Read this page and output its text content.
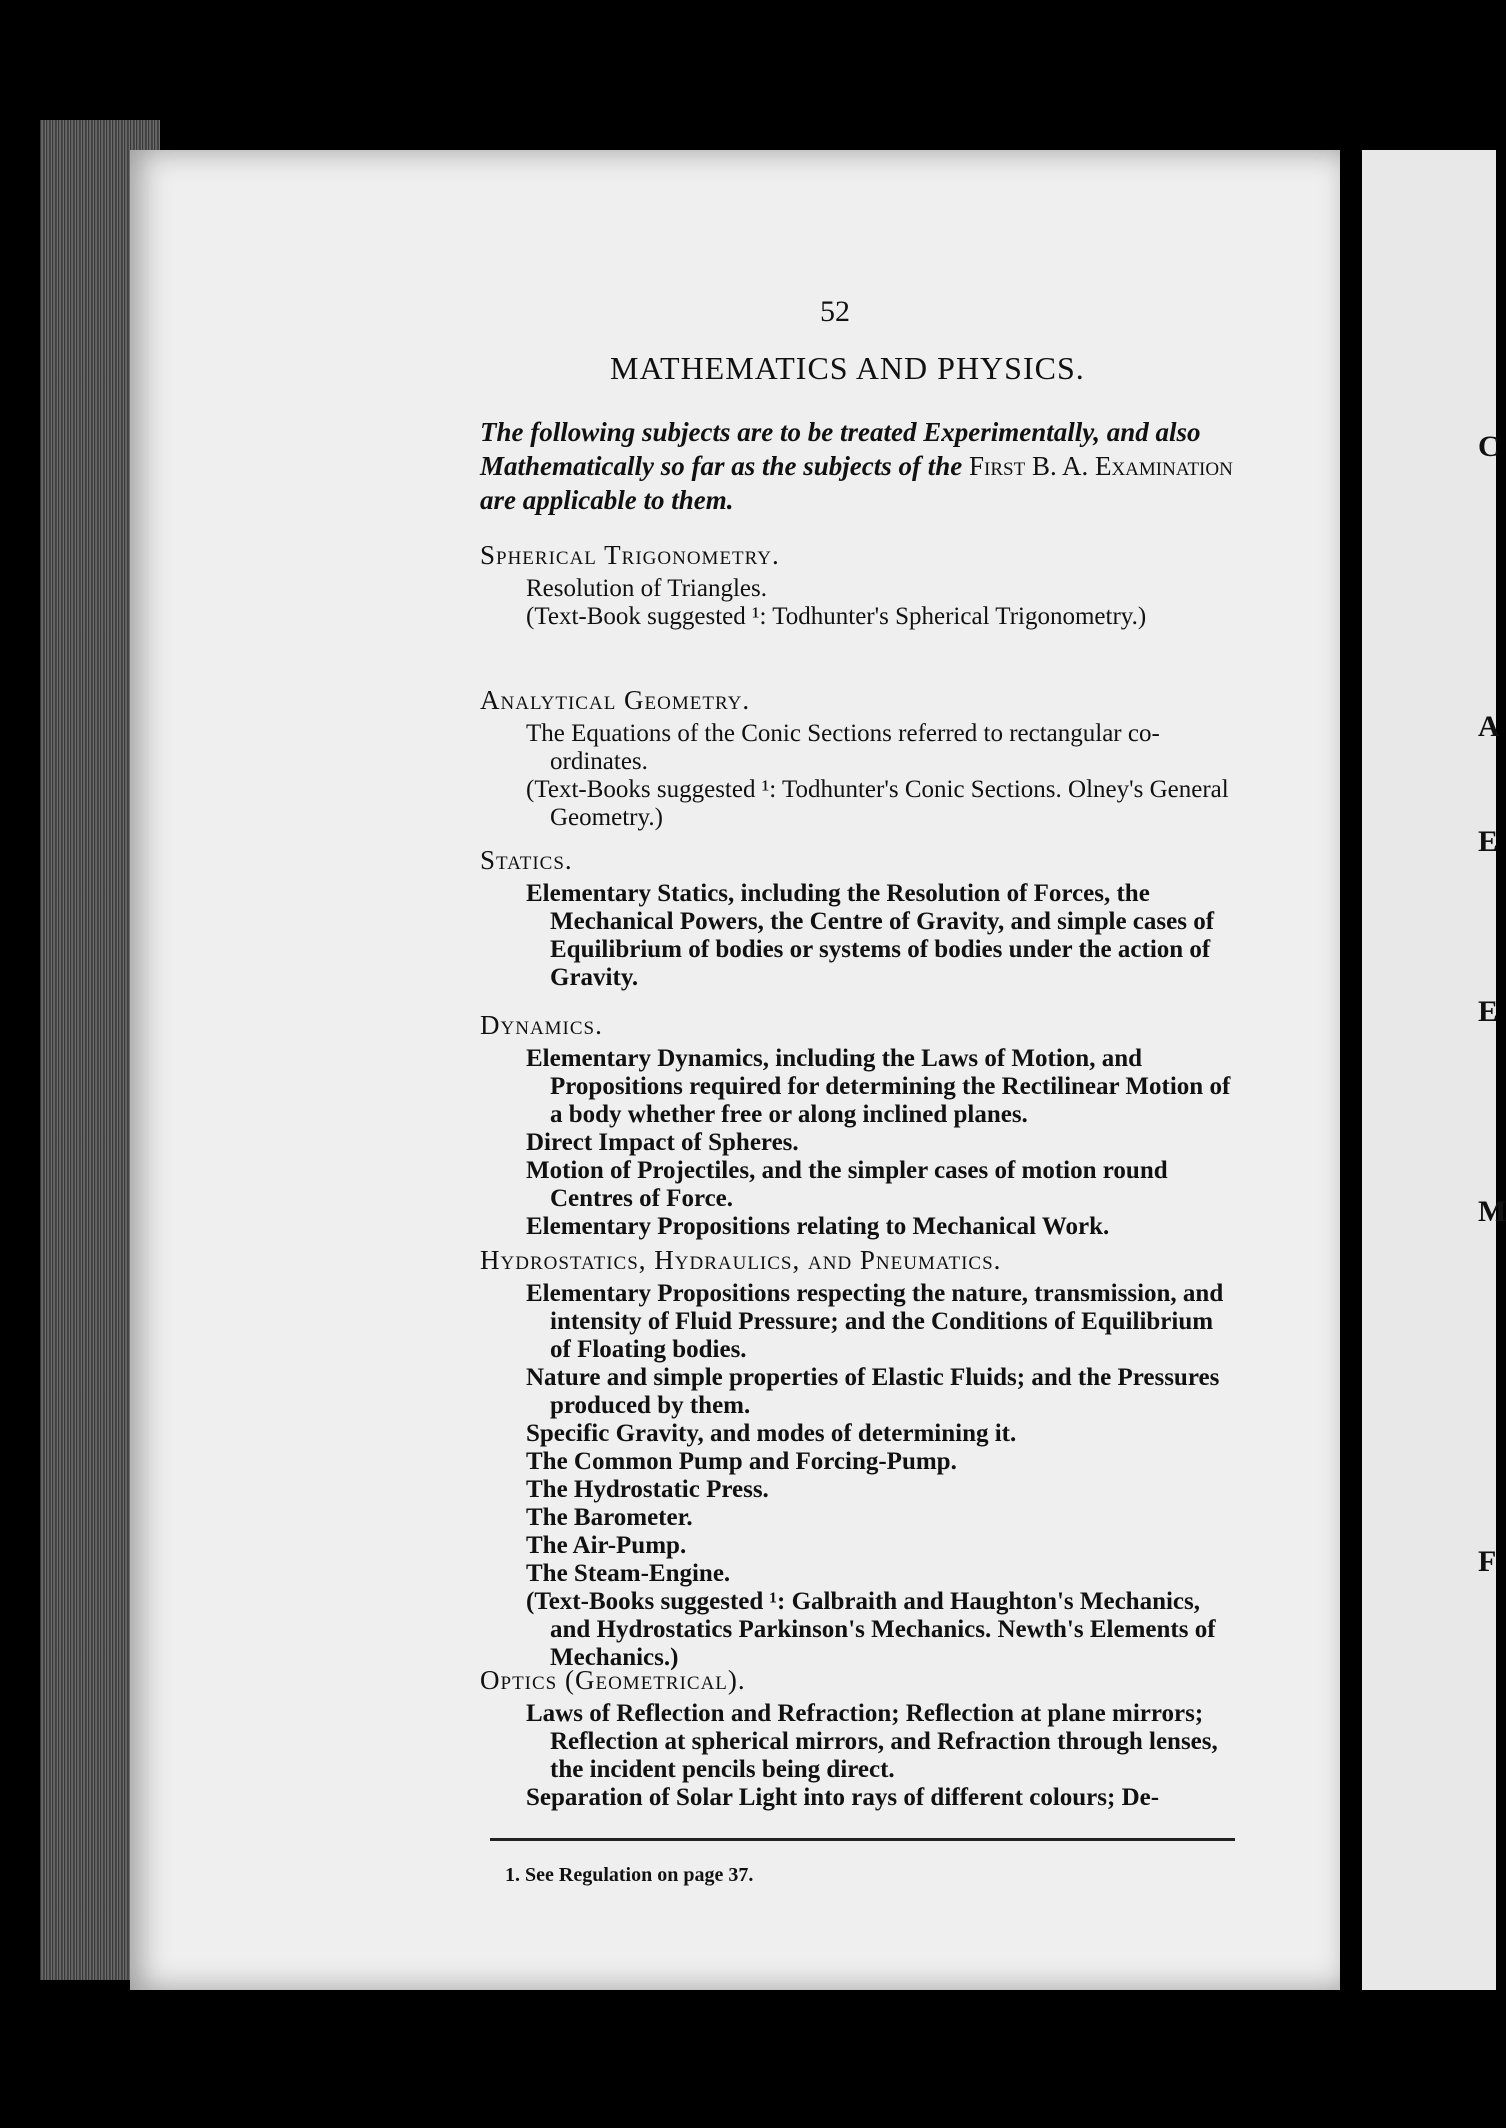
C
A
E
E
M
F
52
MATHEMATICS AND PHYSICS.
The following subjects are to be treated Experimentally, and also Mathematically so far as the subjects of the First B. A. Examination are applicable to them.
Spherical Trigonometry.

Resolution of Triangles.

(Text-Book suggested ¹: Todhunter's Spherical Trigonometry.)

Analytical Geometry.

The Equations of the Conic Sections referred to rectangular co-ordinates.

(Text-Books suggested ¹: Todhunter's Conic Sections. Olney's General Geometry.)

Statics.

Elementary Statics, including the Resolution of Forces, the Mechanical Powers, the Centre of Gravity, and simple cases of Equilibrium of bodies or systems of bodies under the action of Gravity.

Dynamics.

Elementary Dynamics, including the Laws of Motion, and Propositions required for determining the Rectilinear Motion of a body whether free or along inclined planes.

Direct Impact of Spheres.

Motion of Projectiles, and the simpler cases of motion round Centres of Force.

Elementary Propositions relating to Mechanical Work.

Hydrostatics, Hydraulics, and Pneumatics.

Elementary Propositions respecting the nature, transmission, and intensity of Fluid Pressure; and the Conditions of Equilibrium of Floating bodies.

Nature and simple properties of Elastic Fluids; and the Pressures produced by them.

Specific Gravity, and modes of determining it.

The Common Pump and Forcing-Pump.

The Hydrostatic Press.

The Barometer.

The Air-Pump.

The Steam-Engine.

(Text-Books suggested ¹: Galbraith and Haughton's Mechanics, and Hydrostatics Parkinson's Mechanics. Newth's Elements of Mechanics.)

Optics (Geometrical).

Laws of Reflection and Refraction; Reflection at plane mirrors; Reflection at spherical mirrors, and Refraction through lenses, the incident pencils being direct.

Separation of Solar Light into rays of different colours; De-

1. See Regulation on page 37.
